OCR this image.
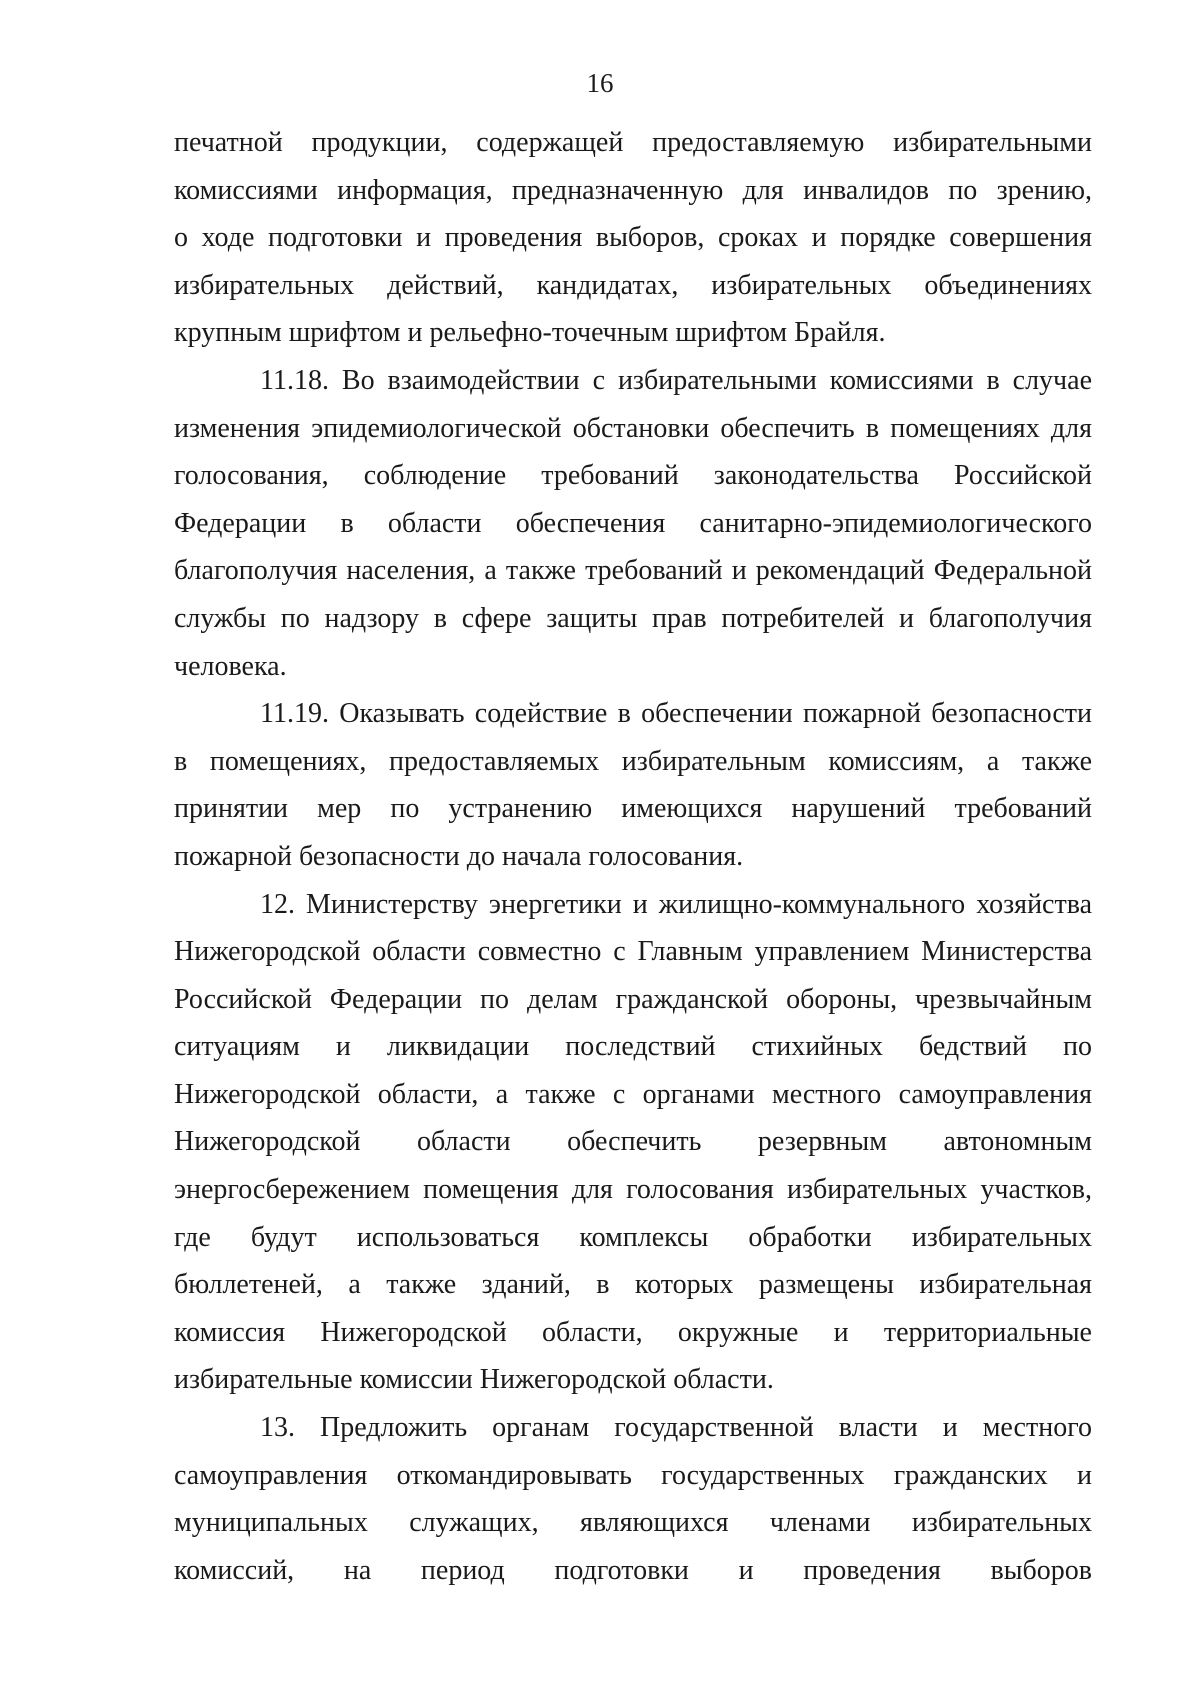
16
печатной продукции, содержащей предоставляемую избирательными
комиссиями информация, предназначенную для инвалидов по зрению,
о ходе подготовки и проведения выборов, сроках и порядке совершения
избирательных действий, кандидатах, избирательных объединениях
крупным шрифтом и рельефно-точечным шрифтом Брайля.
11.18. Во взаимодействии с избирательными комиссиями в случае
изменения эпидемиологической обстановки обеспечить в помещениях для
голосования, соблюдение требований законодательства Российской
Федерации в области обеспечения санитарно-эпидемиологического
благополучия населения, а также требований и рекомендаций Федеральной
службы по надзору в сфере защиты прав потребителей и благополучия
человека.
11.19. Оказывать содействие в обеспечении пожарной безопасности
в помещениях, предоставляемых избирательным комиссиям, а также
принятии мер по устранению имеющихся нарушений требований
пожарной безопасности до начала голосования.
12. Министерству энергетики и жилищно-коммунального хозяйства
Нижегородской области совместно с Главным управлением Министерства
Российской Федерации по делам гражданской обороны, чрезвычайным
ситуациям и ликвидации последствий стихийных бедствий по
Нижегородской области, а также с органами местного самоуправления
Нижегородской области обеспечить резервным автономным
энергосбережением помещения для голосования избирательных участков,
где будут использоваться комплексы обработки избирательных
бюллетеней, а также зданий, в которых размещены избирательная
комиссия Нижегородской области, окружные и территориальные
избирательные комиссии Нижегородской области.
13. Предложить органам государственной власти и местного
самоуправления откомандировывать государственных гражданских и
муниципальных служащих, являющихся членами избирательных
комиссий, на период подготовки и проведения выборов
